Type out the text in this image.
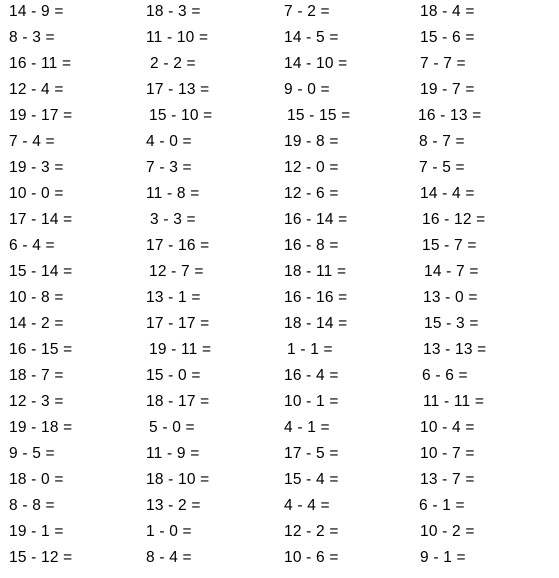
14 - 9 =	18 - 3 =	7 - 2 =	18 - 4 =
8 - 3 =	11 - 10 =	14 - 5 =	15 - 6 =
16 - 11 =	2 - 2 =	14 - 10 =	7 - 7 =
12 - 4 =	17 - 13 =	9 - 0 =	19 - 7 =
19 - 17 =	15 - 10 =	15 - 15 =	16 - 13 =
7 - 4 =	4 - 0 =	19 - 8 =	8 - 7 =
19 - 3 =	7 - 3 =	12 - 0 =	7 - 5 =
10 - 0 =	11 - 8 =	12 - 6 =	14 - 4 =
17 - 14 =	3 - 3 =	16 - 14 =	16 - 12 =
6 - 4 =	17 - 16 =	16 - 8 =	15 - 7 =
15 - 14 =	12 - 7 =	18 - 11 =	14 - 7 =
10 - 8 =	13 - 1 =	16 - 16 =	13 - 0 =
14 - 2 =	17 - 17 =	18 - 14 =	15 - 3 =
16 - 15 =	19 - 11 =	1 - 1 =	13 - 13 =
18 - 7 =	15 - 0 =	16 - 4 =	6 - 6 =
12 - 3 =	18 - 17 =	10 - 1 =	11 - 11 =
19 - 18 =	5 - 0 =	4 - 1 =	10 - 4 =
9 - 5 =	11 - 9 =	17 - 5 =	10 - 7 =
18 - 0 =	18 - 10 =	15 - 4 =	13 - 7 =
8 - 8 =	13 - 2 =	4 - 4 =	6 - 1 =
19 - 1 =	1 - 0 =	12 - 2 =	10 - 2 =
15 - 12 =	8 - 4 =	10 - 6 =	9 - 1 =
